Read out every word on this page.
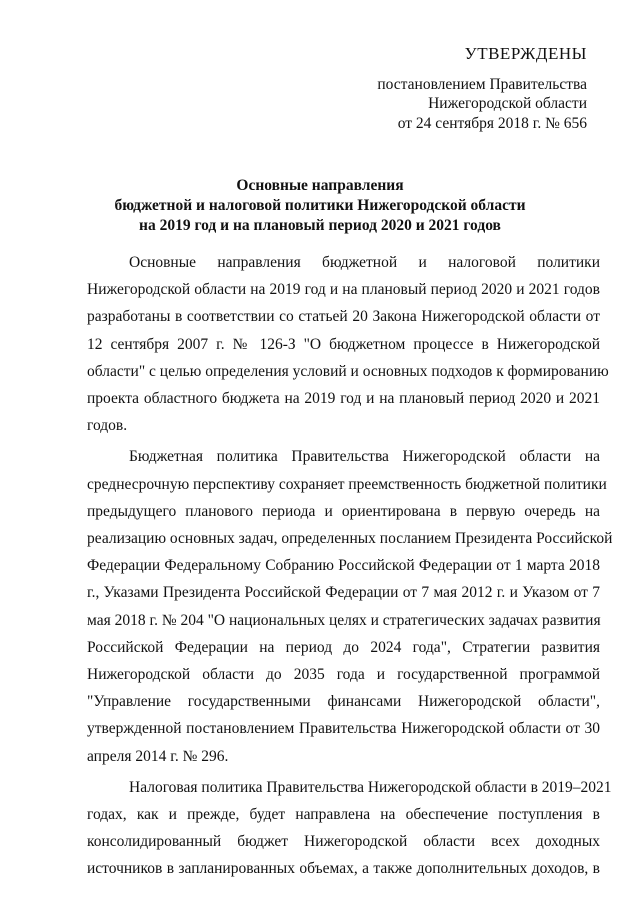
УТВЕРЖДЕНЫ
постановлением Правительства
Нижегородской области
от 24 сентября 2018 г. № 656
Основные направления
бюджетной и налоговой политики Нижегородской области
на 2019 год и на плановый период 2020 и 2021 годов
Основные направления бюджетной и налоговой политики
Нижегородской области на 2019 год и на плановый период 2020 и 2021 годов
разработаны в соответствии со статьей 20 Закона Нижегородской области от
12 сентября 2007 г. № 126-З "О бюджетном процессе в Нижегородской
области" с целью определения условий и основных подходов к формированию
проекта областного бюджета на 2019 год и на плановый период 2020 и 2021
годов.
Бюджетная политика Правительства Нижегородской области на
среднесрочную перспективу сохраняет преемственность бюджетной политики
предыдущего планового периода и ориентирована в первую очередь на
реализацию основных задач, определенных посланием Президента Российской
Федерации Федеральному Собранию Российской Федерации от 1 марта 2018
г., Указами Президента Российской Федерации от 7 мая 2012 г. и Указом от 7
мая 2018 г. № 204 "О национальных целях и стратегических задачах развития
Российской Федерации на период до 2024 года", Стратегии развития
Нижегородской области до 2035 года и государственной программой
"Управление государственными финансами Нижегородской области",
утвержденной постановлением Правительства Нижегородской области от 30
апреля 2014 г. № 296.
Налоговая политика Правительства Нижегородской области в 2019–2021
годах, как и прежде, будет направлена на обеспечение поступления в
консолидированный бюджет Нижегородской области всех доходных
источников в запланированных объемах, а также дополнительных доходов, в
